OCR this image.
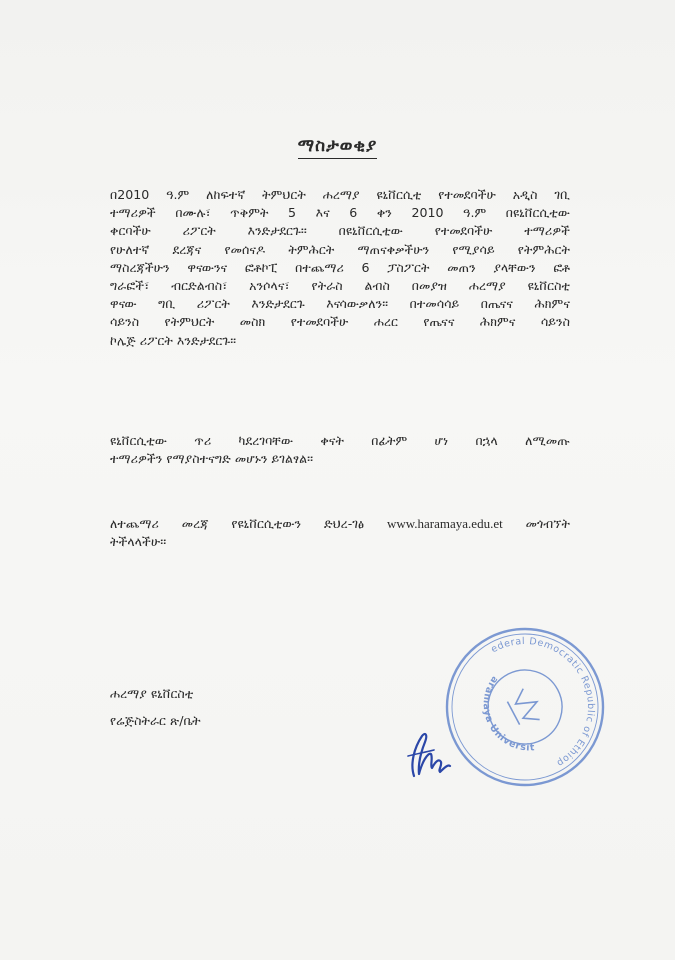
ማስታወቂያ
በ2010 ዓ.ም ለከፍተኛ ትምህርት ሐረማያ ዩኒቨርሲቲ የተመደባችሁ አዲስ ገቢ
ተማሪዎች በሙሉ፣ ጥቅምት 5 እና 6 ቀን 2010 ዓ.ም በዩኒቨርሲቲው
ቀርባችሁ ሪፖርት እንድታደርጉ፡፡ በዩኒቨርሲቲው የተመደባችሁ ተማሪዎች
የሁለተኛ ደረጃና የመሰናዶ ትምሕርት ማጠናቀቃችሁን የሚያሳይ የትምሕርት
ማስረጃችሁን ዋናውንና ፎቶኮፒ በተጨማሪ 6 ፓስፖርት መጠን ያላቸውን ፎቶ
ግራፎች፣ ብርድልብስ፣ አንሶላና፣ የትራስ ልብስ በመያዝ ሐረማያ ዩኒቨርስቲ
ዋናው ግቢ ሪፖርት እንድታደርጉ እናሳውቃለን፡፡ በተመሳሳይ በጤናና ሕክምና
ሳይንስ የትምህርት መስክ የተመደባችሁ ሐረር የጤናና ሕክምና ሳይንስ
ኮሌጅ ሪፖርት እንድታደርጉ፡፡
ዩኒቨርሲቲው ጥሪ ካደረገባቸው ቀናት በፊትም ሆነ በኋላ ለሚመጡ
ተማሪዎችን የማያስተናግድ መሆኑን ይገልፃል፡፡
ለተጨማሪ መረጃ የዩኒቨርሲቲውን ድህረ-ገፅ www.haramaya.edu.et መጎብኘት
ትችላላችሁ፡፡
ሐረማያ ዩኒቨርስቲ
የሬጅስትራር ጽ/ቤት
Federal Democratic Republic of Ethiopia
Haramaya University
